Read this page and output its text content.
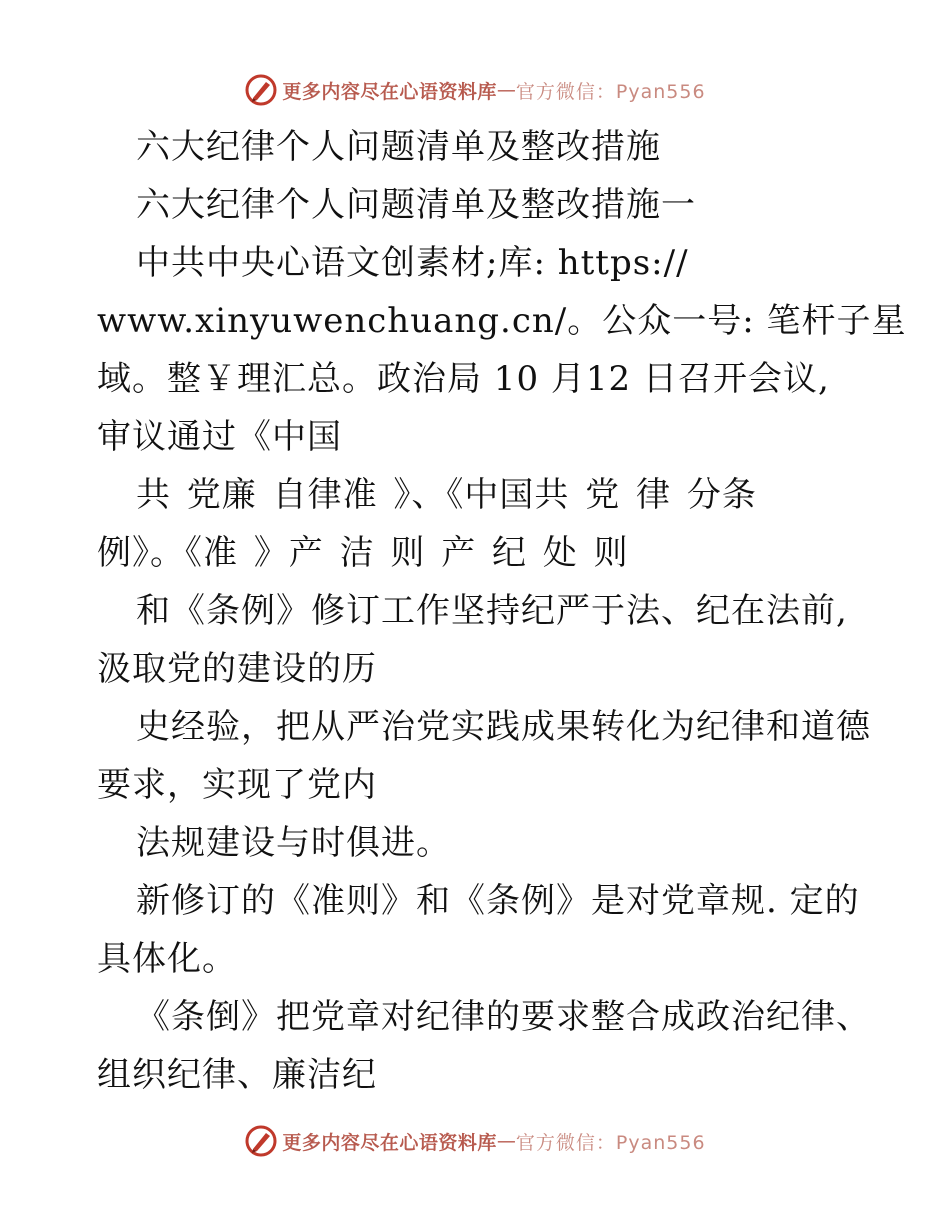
更多内容尽在心语资料库 — 官方微信：Pyan556
六大纪律个人问题清单及整改措施
六大纪律个人问题清单及整改措施一
中共中央心语文创素材;库: https://
www.xinyuwenchuang.cn/。公众一号: 笔杆子星
域。整￥理汇总。政治局 10 月12 日召开会议,
审议通过《中国
共 党廉 自律准 》、《中国共 党 律 分条
例》。《准 》产 洁 则 产 纪 处 则
和《条例》修订工作坚持纪严于法、纪在法前,
汲取党的建设的历
史经验，把从严治党实践成果转化为纪律和道德
要求，实现了党内
法规建设与时俱进。
新修订的《准则》和《条例》是对党章规. 定的
具体化。
《条倒》把党章对纪律的要求整合成政治纪律、
组织纪律、廉洁纪
更多内容尽在心语资料库 — 官方微信：Pyan556
